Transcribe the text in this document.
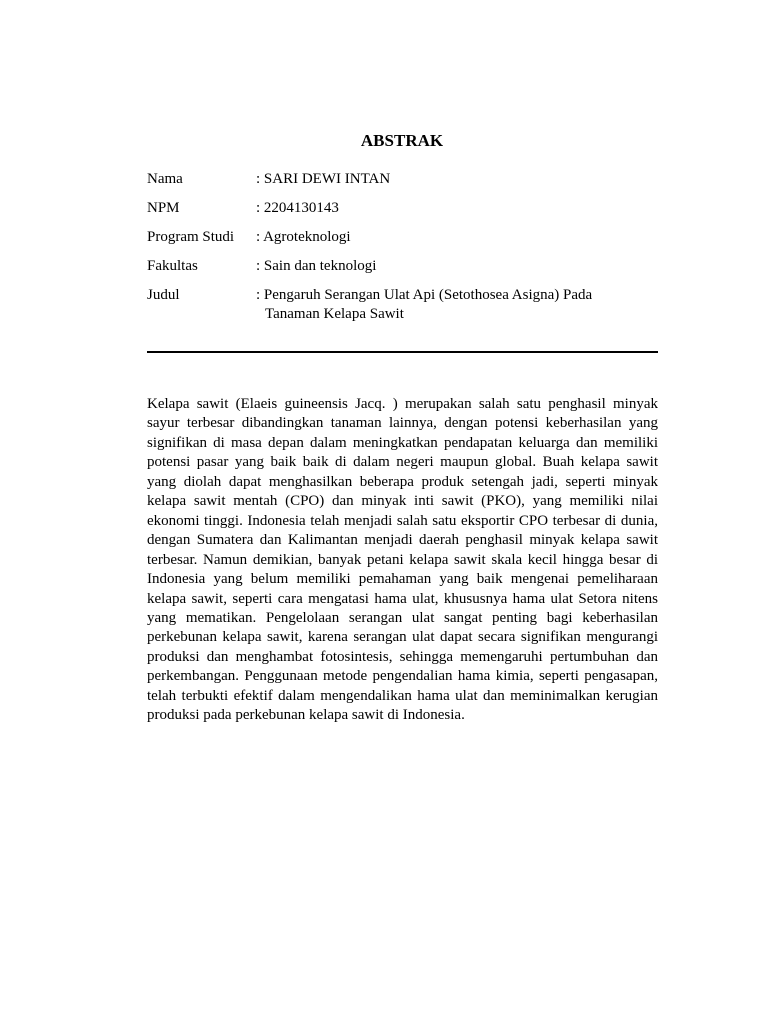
ABSTRAK
Nama	: SARI DEWI INTAN
NPM	: 2204130143
Program Studi : Agroteknologi
Fakultas	: Sain dan teknologi
Judul	: Pengaruh Serangan Ulat Api (Setothosea Asigna) Pada
Tanaman Kelapa Sawit
Kelapa sawit (Elaeis guineensis Jacq. ) merupakan salah satu penghasil minyak sayur terbesar dibandingkan tanaman lainnya, dengan potensi keberhasilan yang signifikan di masa depan dalam meningkatkan pendapatan keluarga dan memiliki potensi pasar yang baik baik di dalam negeri maupun global. Buah kelapa sawit yang diolah dapat menghasilkan beberapa produk setengah jadi, seperti minyak kelapa sawit mentah (CPO) dan minyak inti sawit (PKO), yang memiliki nilai ekonomi tinggi. Indonesia telah menjadi salah satu eksportir CPO terbesar di dunia, dengan Sumatera dan Kalimantan menjadi daerah penghasil minyak kelapa sawit terbesar. Namun demikian, banyak petani kelapa sawit skala kecil hingga besar di Indonesia yang belum memiliki pemahaman yang baik mengenai pemeliharaan kelapa sawit, seperti cara mengatasi hama ulat, khususnya hama ulat Setora nitens yang mematikan. Pengelolaan serangan ulat sangat penting bagi keberhasilan perkebunan kelapa sawit, karena serangan ulat dapat secara signifikan mengurangi produksi dan menghambat fotosintesis, sehingga memengaruhi pertumbuhan dan perkembangan. Penggunaan metode pengendalian hama kimia, seperti pengasapan, telah terbukti efektif dalam mengendalikan hama ulat dan meminimalkan kerugian produksi pada perkebunan kelapa sawit di Indonesia.
